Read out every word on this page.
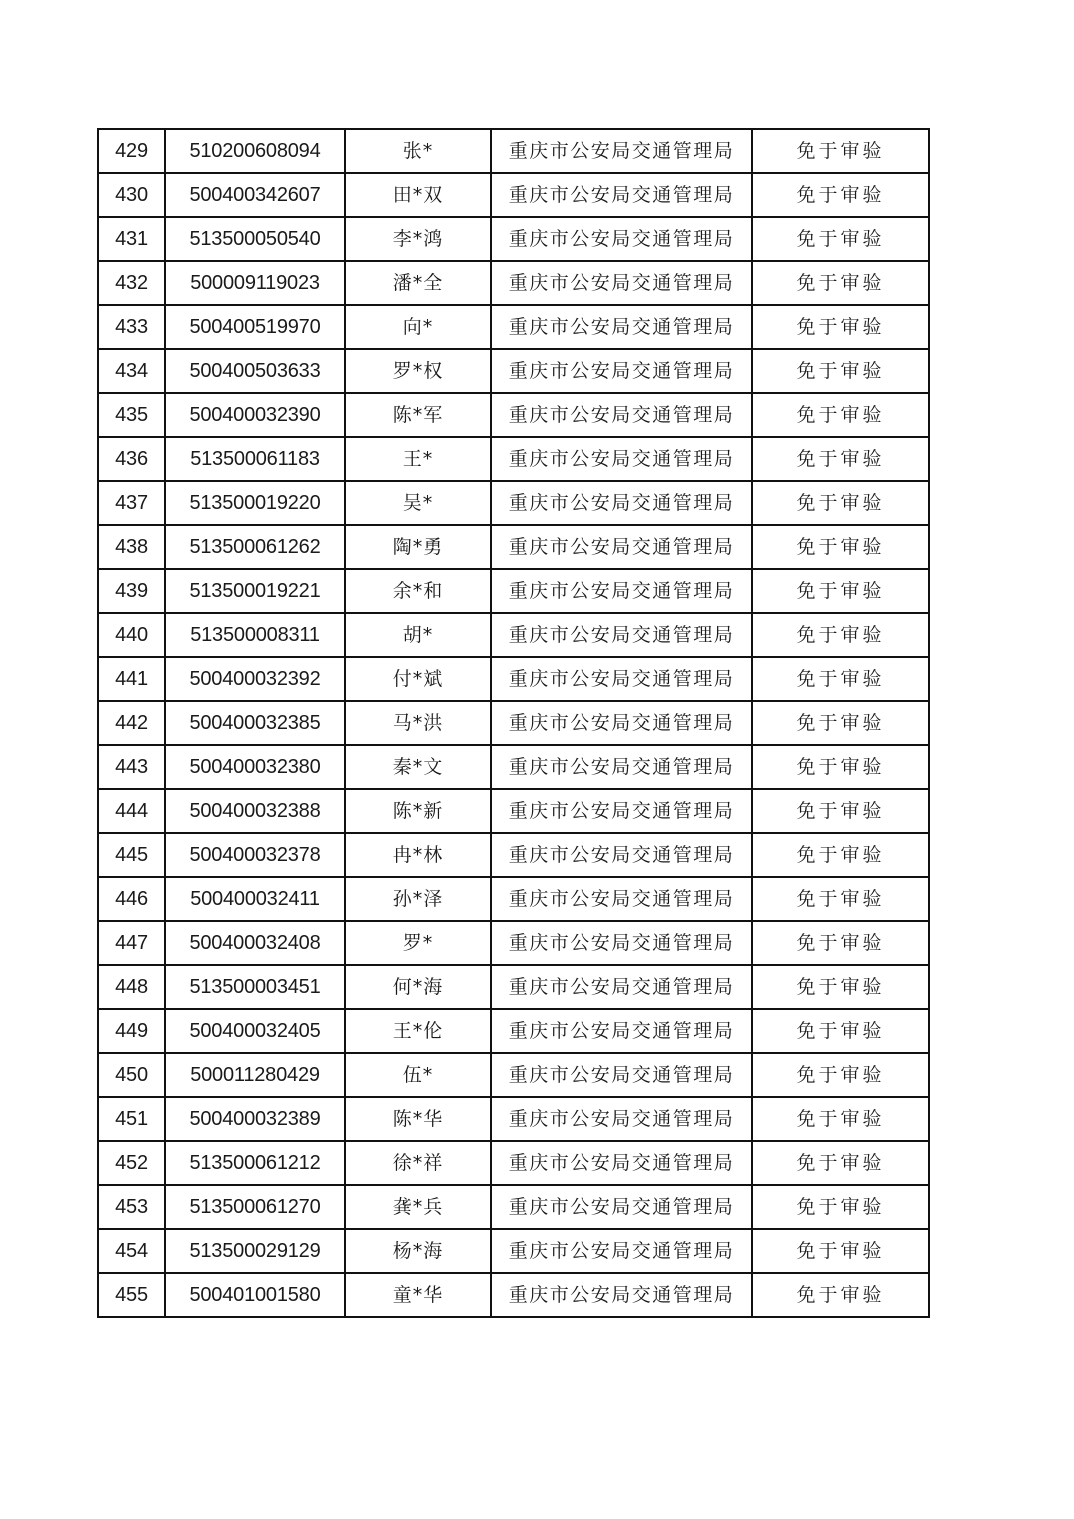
429	510200608094	张*	重庆市公安局交通管理局	免于审验
430	500400342607	田*双	重庆市公安局交通管理局	免于审验
431	513500050540	李*鸿	重庆市公安局交通管理局	免于审验
432	500009119023	潘*全	重庆市公安局交通管理局	免于审验
433	500400519970	向*	重庆市公安局交通管理局	免于审验
434	500400503633	罗*权	重庆市公安局交通管理局	免于审验
435	500400032390	陈*军	重庆市公安局交通管理局	免于审验
436	513500061183	王*	重庆市公安局交通管理局	免于审验
437	513500019220	吴*	重庆市公安局交通管理局	免于审验
438	513500061262	陶*勇	重庆市公安局交通管理局	免于审验
439	513500019221	余*和	重庆市公安局交通管理局	免于审验
440	513500008311	胡*	重庆市公安局交通管理局	免于审验
441	500400032392	付*斌	重庆市公安局交通管理局	免于审验
442	500400032385	马*洪	重庆市公安局交通管理局	免于审验
443	500400032380	秦*文	重庆市公安局交通管理局	免于审验
444	500400032388	陈*新	重庆市公安局交通管理局	免于审验
445	500400032378	冉*林	重庆市公安局交通管理局	免于审验
446	500400032411	孙*泽	重庆市公安局交通管理局	免于审验
447	500400032408	罗*	重庆市公安局交通管理局	免于审验
448	513500003451	何*海	重庆市公安局交通管理局	免于审验
449	500400032405	王*伦	重庆市公安局交通管理局	免于审验
450	500011280429	伍*	重庆市公安局交通管理局	免于审验
451	500400032389	陈*华	重庆市公安局交通管理局	免于审验
452	513500061212	徐*祥	重庆市公安局交通管理局	免于审验
453	513500061270	龚*兵	重庆市公安局交通管理局	免于审验
454	513500029129	杨*海	重庆市公安局交通管理局	免于审验
455	500401001580	童*华	重庆市公安局交通管理局	免于审验
